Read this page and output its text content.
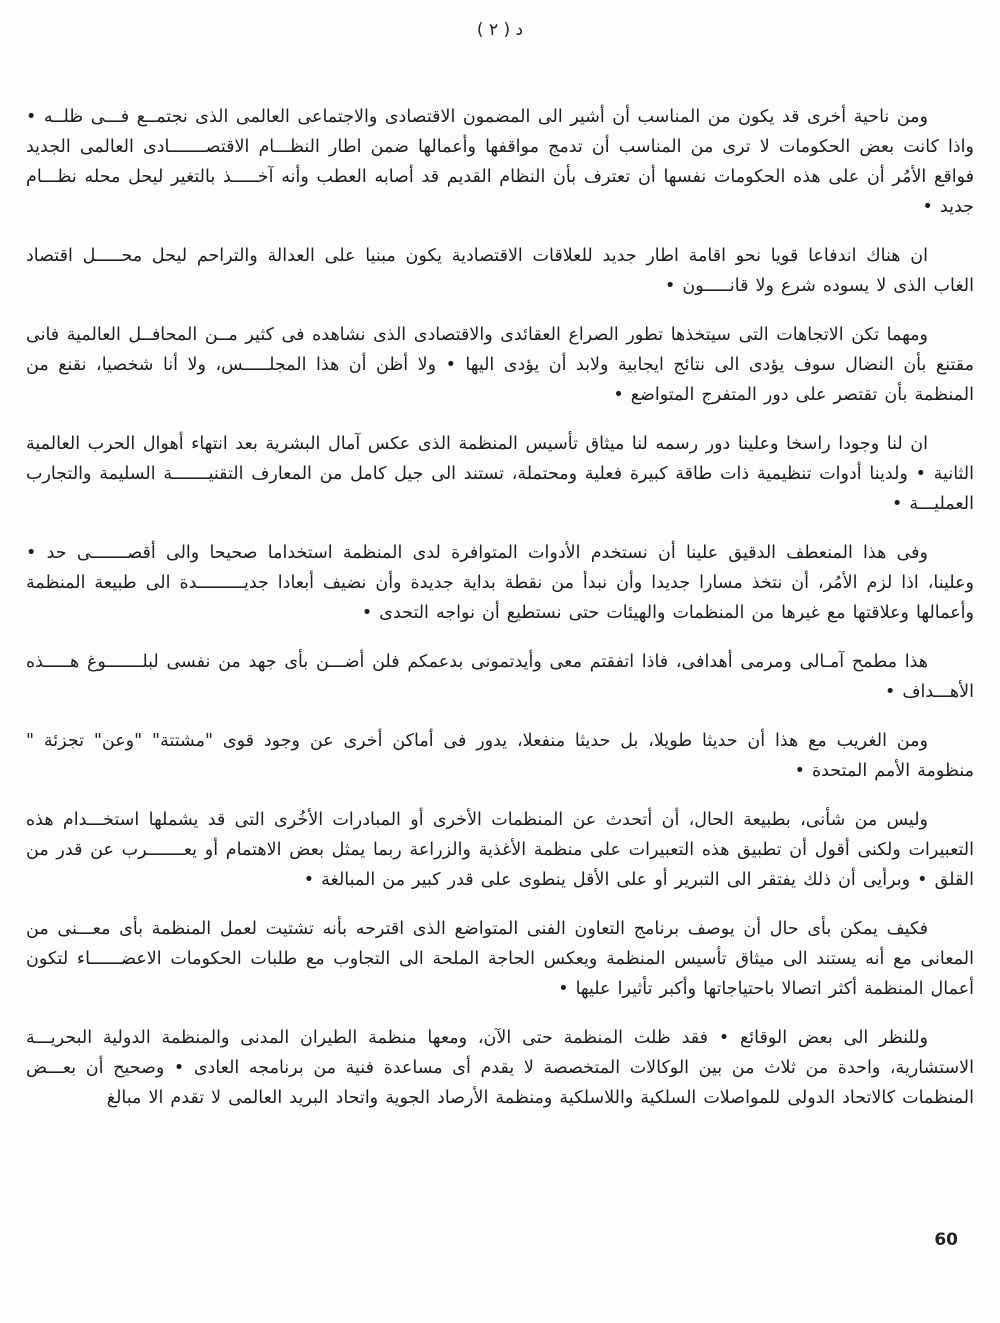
د ( ٢ )

ومن ناحية أخرى قد يكون من المناسب أن أشير الى المضمون الاقتصادى والاجتماعى العالمى الذى نجتمــع فـــى ظلــه • واذا كانت بعض الحكومات لا ترى من المناسب أن تدمج مواقفها وأعمالها ضمن اطار النظـــام الاقتصـــــــادى العالمى الجديد فواقع الأمُر أن على هذه الحكومات نفسها أن تعترف بأن النظام القديم قد أصابه العطب وأنه آخـــــذ بالتغير ليحل محله نظـــام جديد •

ان هناك اندفاعا قويا نحو اقامة اطار جديد للعلاقات الاقتصادية يكون مبنيا على العدالة والتراحم ليحل محـــــل اقتصاد الغاب الذى لا يسوده شرع ولا قانـــــون •

ومهما تكن الاتجاهات التى سيتخذها تطور الصراع العقائدى والاقتصادى الذى نشاهده فى كثير مــن المحافــل العالمية فانى مقتنع بأن النضال سوف يؤدى الى نتائج ايجابية ولابد أن يؤدى اليها • ولا أظن أن هذا المجلـــــس، ولا أنا شخصيا، نقنع من المنظمة بأن تقتصر على دور المتفرج المتواضع •

ان لنا وجودا راسخا وعلينا دور رسمه لنا ميثاق تأسيس المنظمة الذى عكس آمال البشرية بعد انتهاء أهوال الحرب العالمية الثانية • ولدينا أدوات تنظيمية ذات طاقة كبيرة فعلية ومحتملة، تستند الى جيل كامل من المعارف التقنيـــــــة السليمة والتجارب العمليـــة •

وفى هذا المنعطف الدقيق علينا أن نستخدم الأدوات المتوافرة لدى المنظمة استخداما صحيحا والى أقصـــــــى حد • وعلينا، اذا لزم الأمُر، أن نتخذ مسارا جديدا وأن نبدأ من نقطة بداية جديدة وأن نضيف أبعادا جديـــــــــدة الى طبيعة المنظمة وأعمالها وعلاقتها مع غيرها من المنظمات والهيئات حتى نستطيع أن نواجه التحدى •

هذا مطمح آمـالى ومرمى أهدافى، فاذا اتفقتم معى وأيدتمونى بدعمكم فلن أضـــن بأى جهد من نفسى لبلـــــــوغ هـــــذه الأهـــداف •

ومن الغريب مع هذا أن حديثا طويلا، بل حديثا منفعلا، يدور فى أماكن أخرى عن وجود قوى "مشتتة" "وعن" تجزئة " منظومة الأمم المتحدة •

وليس من شأنى، بطبيعة الحال، أن أتحدث عن المنظمات الأخرى أو المبادرات الأخُرى التى قد يشملها استخـــدام هذه التعبيرات ولكنى أقول أن تطبيق هذه التعبيرات على منظمة الأغذية والزراعة ربما يمثل بعض الاهتمام أو يعـــــــرب عن قدر من القلق • وبرأيى أن ذلك يفتقر الى التبرير أو على الأقل ينطوى على قدر كبير من المبالغة •

فكيف يمكن بأى حال أن يوصف برنامج التعاون الفنى المتواضع الذى اقترحه بأنه تشتيت لعمل المنظمة بأى معـــنى من المعانى مع أنه يستند الى ميثاق تأسيس المنظمة ويعكس الحاجة الملحة الى التجاوب مع طلبات الحكومات الاعضــــــاء لتكون أعمال المنظمة أكثر اتصالا باحتياجاتها وأكبر تأثيرا عليها •

وللنظر الى بعض الوقائع • فقد ظلت المنظمة حتى الآن، ومعها منظمة الطيران المدنى والمنظمة الدولية البحريـــة الاستشارية، واحدة من ثلاث من بين الوكالات المتخصصة لا يقدم أى مساعدة فنية من برنامجه العادى • وصحيح أن بعـــض المنظمات كالاتحاد الدولى للمواصلات السلكية واللاسلكية ومنظمة الأرصاد الجوية واتحاد البريد العالمى لا تقدم الا مبالغ

60
